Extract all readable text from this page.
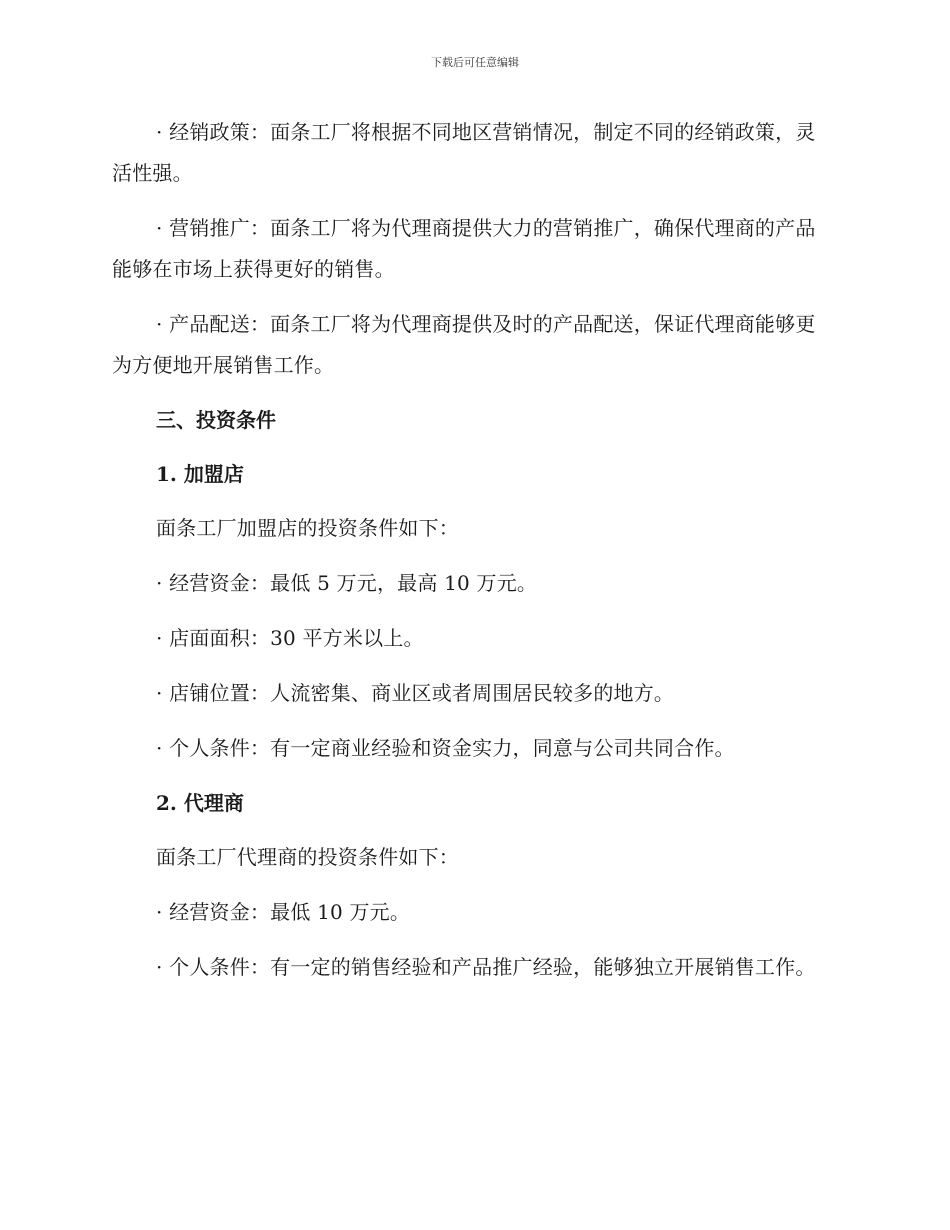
下载后可任意编辑

· 经销政策：面条工厂将根据不同地区营销情况，制定不同的经销政策，灵活性强。

· 营销推广：面条工厂将为代理商提供大力的营销推广，确保代理商的产品能够在市场上获得更好的销售。

· 产品配送：面条工厂将为代理商提供及时的产品配送，保证代理商能够更为方便地开展销售工作。

三、投资条件

1. 加盟店

面条工厂加盟店的投资条件如下：

· 经营资金：最低 5 万元，最高 10 万元。

· 店面面积：30 平方米以上。

· 店铺位置：人流密集、商业区或者周围居民较多的地方。

· 个人条件：有一定商业经验和资金实力，同意与公司共同合作。

2. 代理商

面条工厂代理商的投资条件如下：

· 经营资金：最低 10 万元。

· 个人条件：有一定的销售经验和产品推广经验，能够独立开展销售工作。
